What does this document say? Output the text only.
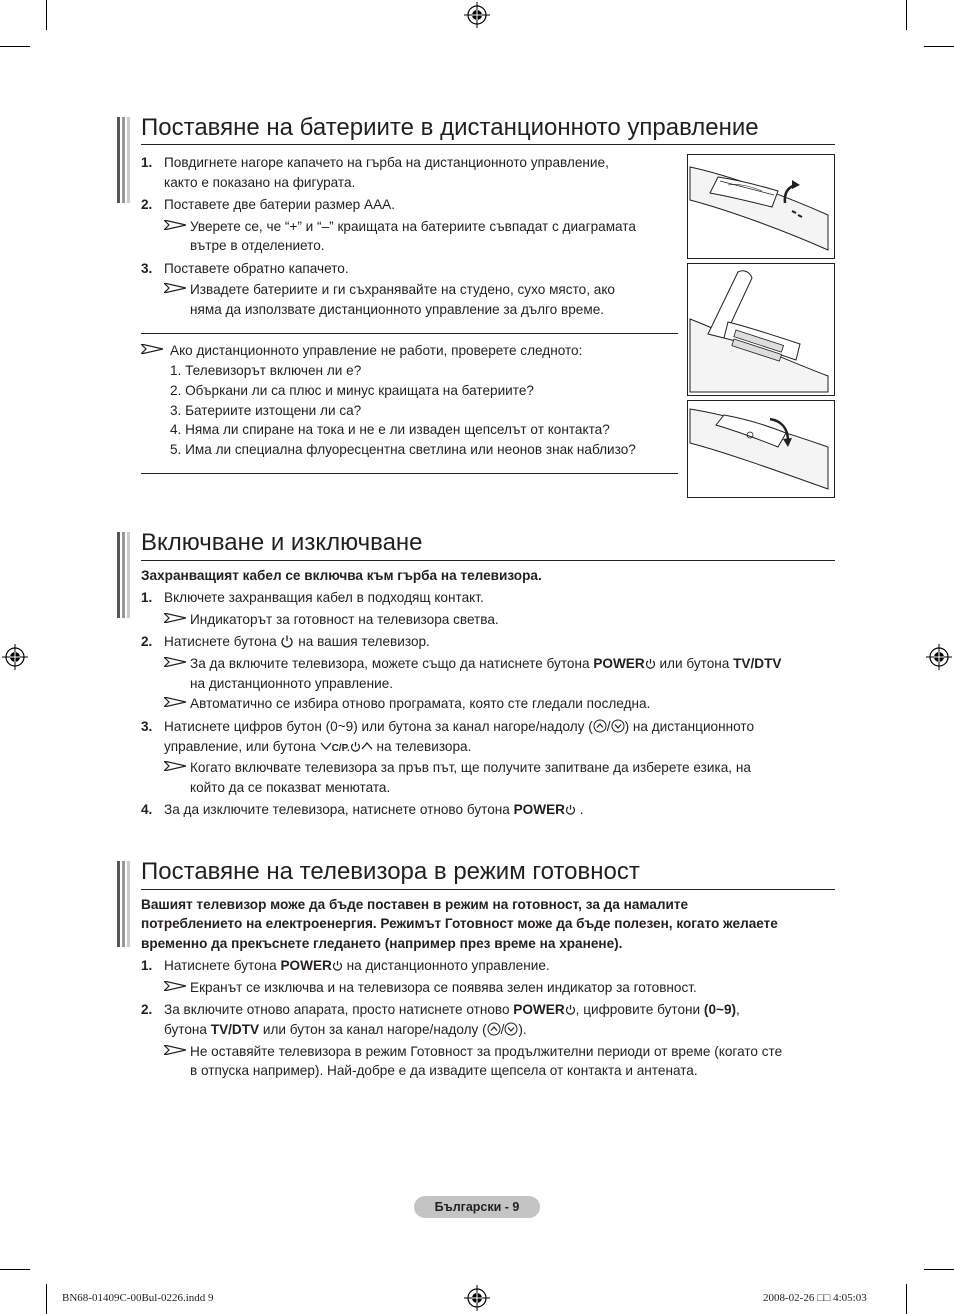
Поставяне на батериите в дистанционното управление
1. Повдигнете нагоре капачето на гърба на дистанционното управление,
както е показано на фигурата.
2. Поставете две батерии размер AAA.
Уверете се, че “+” и “–” краищата на батериите съвпадат с диаграмата
вътре в отделението.
3. Поставете обратно капачето.
Извадете батериите и ги съхранявайте на студено, сухо място, ако
няма да използвате дистанционното управление за дълго време.
Ако дистанционното управление не работи, проверете следното:
1. Телевизорът включен ли е?
2. Объркани ли са плюс и минус краищата на батериите?
3. Батериите изтощени ли са?
4. Няма ли спиране на тока и не е ли изваден щепселът от контакта?
5. Има ли специална флуоресцентна светлина или неонов знак наблизо?
Включване и изключване
Захранващият кабел се включва към гърба на телевизора.
1. Включете захранващия кабел в подходящ контакт.
Индикаторът за готовност на телевизора светва.
2. Натиснете бутона  на вашия телевизор.
За да включите телевизора, можете също да натиснете бутона POWER или бутона TV/DTV
на дистанционното управление.
Автоматично се избира отново програмата, която сте гледали последна.
3. Натиснете цифров бутон (0~9) или бутона за канал нагоре/надолу ( / ) на дистанционното
управление, или бутона C/P. на телевизора.
Когато включвате телевизора за пръв път, ще получите запитване да изберете езика, на
който да се показват менютата.
4. За да изключите телевизора, натиснете отново бутона POWER .
Поставяне на телевизора в режим готовност
Вашият телевизор може да бъде поставен в режим на готовност, за да намалите
потреблението на електроенергия. Режимът Готовност може да бъде полезен, когато желаете
временно да прекъснете гледането (например през време на хранене).
1. Натиснете бутона POWER на дистанционното управление.
Екранът се изключва и на телевизора се появява зелен индикатор за готовност.
2. За включите отново апарата, просто натиснете отново POWER , цифровите бутони (0~9),
бутона TV/DTV или бутон за канал нагоре/надолу ( / ).
Не оставяйте телевизора в режим Готовност за продължителни периоди от време (когато сте
в отпуска например). Най-добре е да извадите щепсела от контакта и антената.
Български - 9
BN68-01409C-00Bul-0226.indd 9	2008-02-26 □□ 4:05:03
